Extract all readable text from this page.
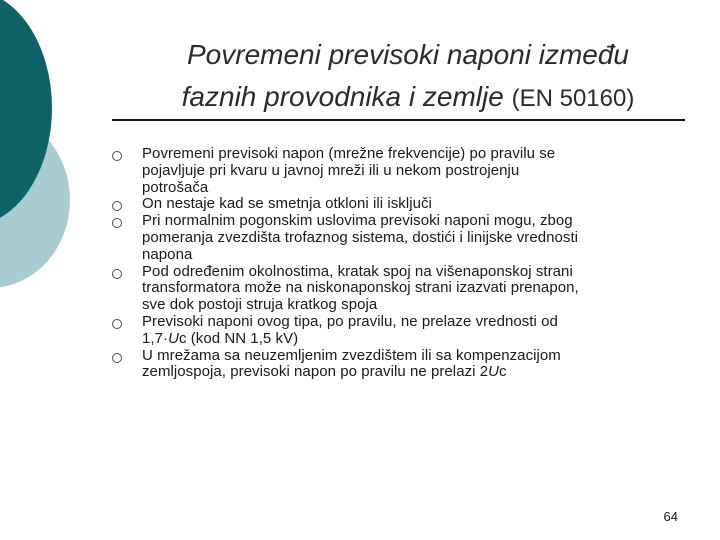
Povremeni previsoki naponi između
faznih provodnika i zemlje (EN 50160)
Povremeni previsoki napon (mrežne frekvencije) po pravilu se
pojavljuje pri kvaru u javnoj mreži ili u nekom postrojenju
potrošača
On nestaje kad se smetnja otkloni ili isključi
Pri normalnim pogonskim uslovima previsoki naponi mogu, zbog
pomeranja zvezdišta trofaznog sistema, dostići i linijske vrednosti
napona
Pod određenim okolnostima, kratak spoj na višenaponskoj strani
transformatora može na niskonaponskoj strani izazvati prenapon,
sve dok postoji struja kratkog spoja
Previsoki naponi ovog tipa, po pravilu, ne prelaze vrednosti od
1,7·Uc (kod NN 1,5 kV)
U mrežama sa neuzemljenim zvezdištem ili sa kompenzacijom
zemljospoja, previsoki napon po pravilu ne prelazi 2Uc
64
